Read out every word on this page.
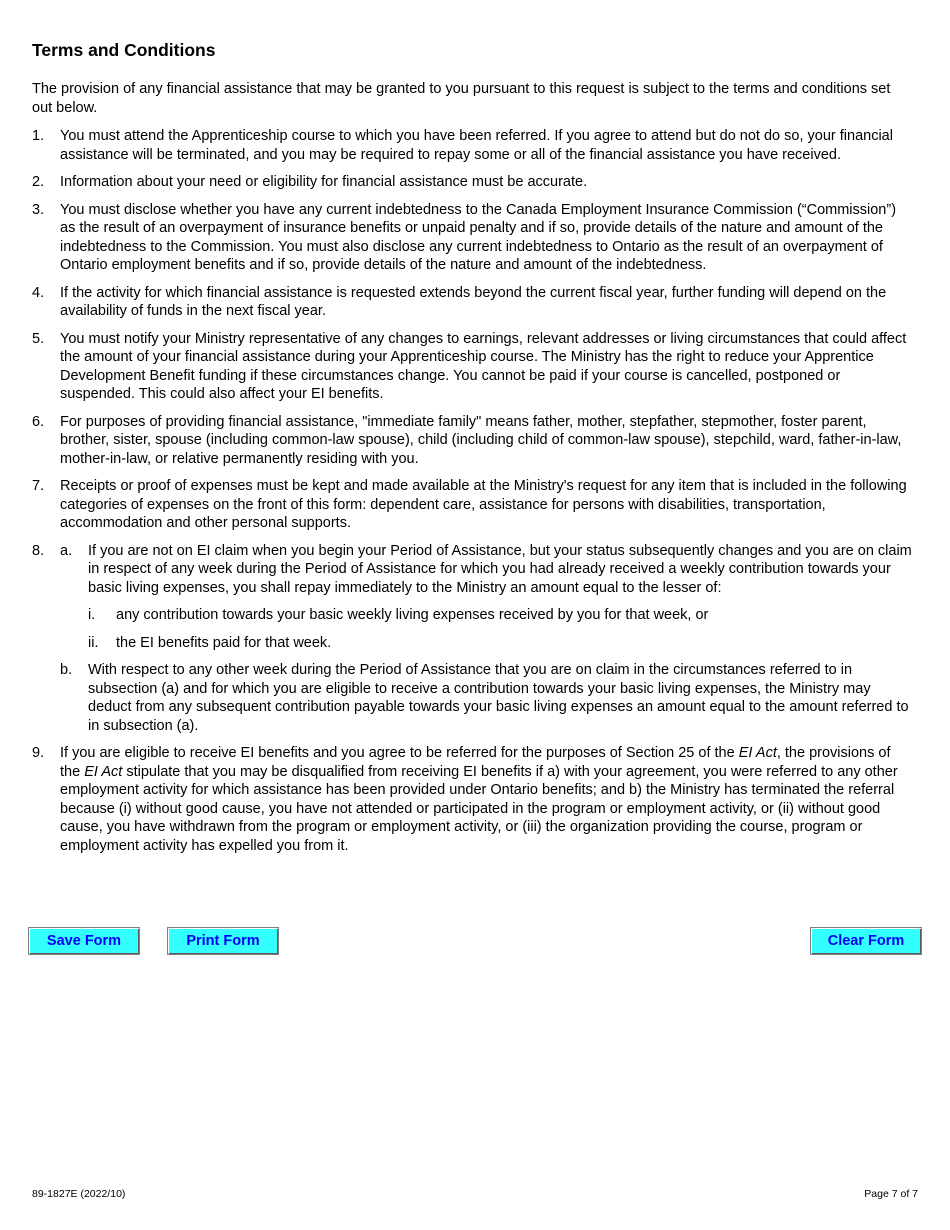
Terms and Conditions

The provision of any financial assistance that may be granted to you pursuant to this request is subject to the terms and conditions set out below.

1.	You must attend the Apprenticeship course to which you have been referred. If you agree to attend but do not do so, your financial assistance will be terminated, and you may be required to repay some or all of the financial assistance you have received.
2.	Information about your need or eligibility for financial assistance must be accurate.
3.	You must disclose whether you have any current indebtedness to the Canada Employment Insurance Commission (“Commission”) as the result of an overpayment of insurance benefits or unpaid penalty and if so, provide details of the nature and amount of the indebtedness to the Commission. You must also disclose any current indebtedness to Ontario as the result of an overpayment of Ontario employment benefits and if so, provide details of the nature and amount of the indebtedness.
4.	If the activity for which financial assistance is requested extends beyond the current fiscal year, further funding will depend on the availability of funds in the next fiscal year.
5.	You must notify your Ministry representative of any changes to earnings, relevant addresses or living circumstances that could affect the amount of your financial assistance during your Apprenticeship course. The Ministry has the right to reduce your Apprentice Development Benefit funding if these circumstances change. You cannot be paid if your course is cancelled, postponed or suspended. This could also affect your EI benefits.
6.	For purposes of providing financial assistance, "immediate family" means father, mother, stepfather, stepmother, foster parent, brother, sister, spouse (including common-law spouse), child (including child of common-law spouse), stepchild, ward, father-in-law, mother-in-law, or relative permanently residing with you.
7.	Receipts or proof of expenses must be kept and made available at the Ministry's request for any item that is included in the following categories of expenses on the front of this form: dependent care, assistance for persons with disabilities, transportation, accommodation and other personal supports.
8.	a.	If you are not on EI claim when you begin your Period of Assistance, but your status subsequently changes and you are on claim in respect of any week during the Period of Assistance for which you had already received a weekly contribution towards your basic living expenses, you shall repay immediately to the Ministry an amount equal to the lesser of:
i.	any contribution towards your basic weekly living expenses received by you for that week, or
ii.	the EI benefits paid for that week.
b.	With respect to any other week during the Period of Assistance that you are on claim in the circumstances referred to in subsection (a) and for which you are eligible to receive a contribution towards your basic living expenses, the Ministry may deduct from any subsequent contribution payable towards your basic living expenses an amount equal to the amount referred to in subsection (a).
9.	If you are eligible to receive EI benefits and you agree to be referred for the purposes of Section 25 of the EI Act, the provisions of the EI Act stipulate that you may be disqualified from receiving EI benefits if a) with your agreement, you were referred to any other employment activity for which assistance has been provided under Ontario benefits; and b) the Ministry has terminated the referral because (i) without good cause, you have not attended or participated in the program or employment activity, or (ii) without good cause, you have withdrawn from the program or employment activity, or (iii) the organization providing the course, program or employment activity has expelled you from it.
Save Form	Print Form	Clear Form
89-1827E (2022/10)	Page 7 of 7
